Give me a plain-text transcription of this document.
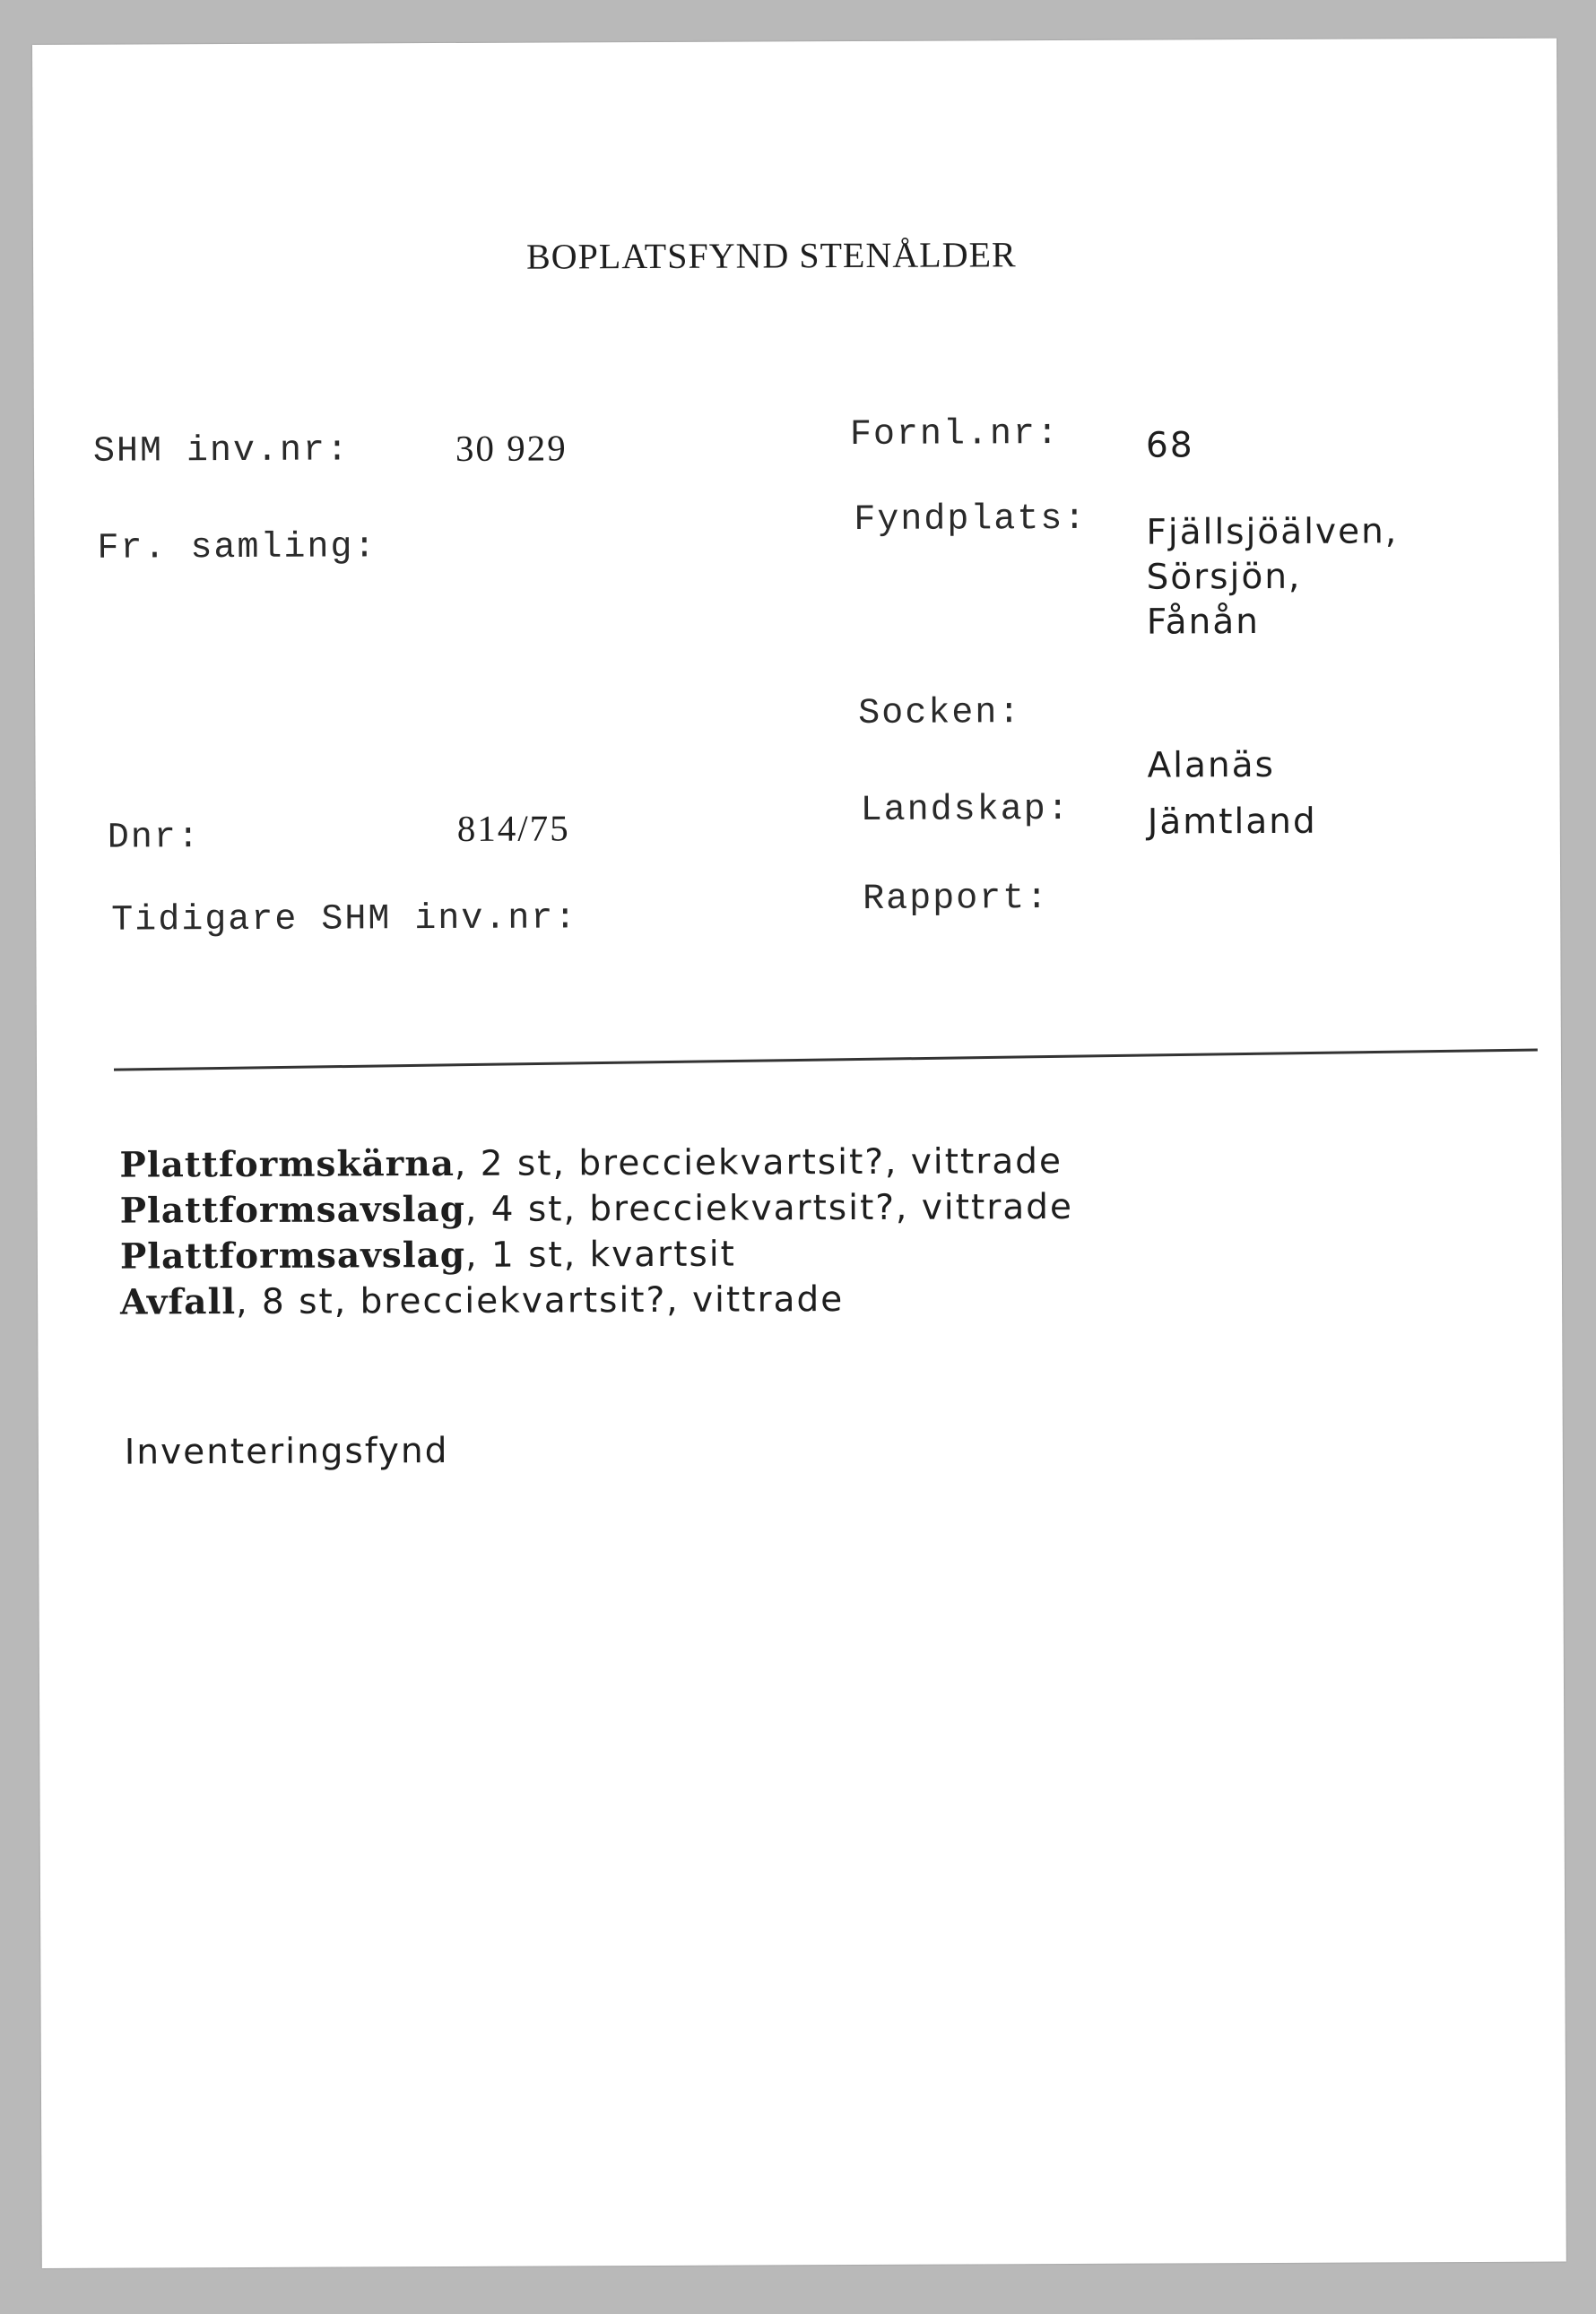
BOPLATSFYND STENÅLDER
SHM inv.nr:	30 929
Fr. samling:
Dnr:	814/75
Tidigare SHM inv.nr:
Fornl.nr: 68
Fyndplats: Fjällsjöälven,
Sörsjön,
Fånån
Socken:
Alanäs
Landskap: Jämtland
Rapport:
Plattformskärna, 2 st, brecciekvartsit?, vittrade
Plattformsavslag, 4 st, brecciekvartsit?, vittrade
Plattformsavslag, 1 st, kvartsit
Avfall, 8 st, brecciekvartsit?, vittrade
Inventeringsfynd
